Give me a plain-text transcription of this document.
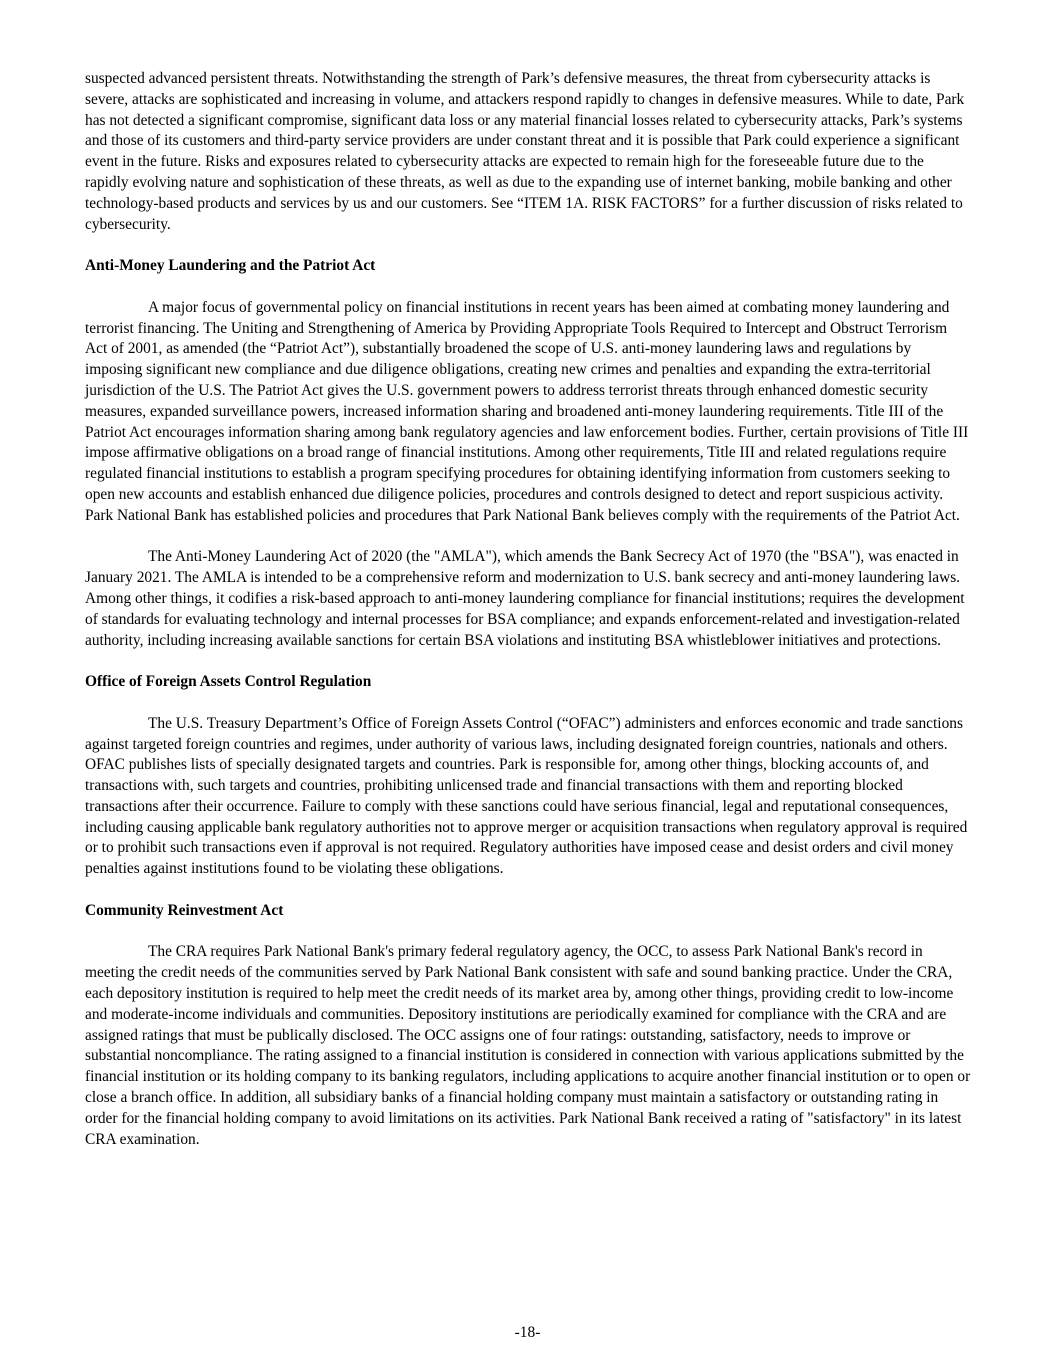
suspected advanced persistent threats. Notwithstanding the strength of Park’s defensive measures, the threat from cybersecurity attacks is severe, attacks are sophisticated and increasing in volume, and attackers respond rapidly to changes in defensive measures. While to date, Park has not detected a significant compromise, significant data loss or any material financial losses related to cybersecurity attacks, Park’s systems and those of its customers and third-party service providers are under constant threat and it is possible that Park could experience a significant event in the future. Risks and exposures related to cybersecurity attacks are expected to remain high for the foreseeable future due to the rapidly evolving nature and sophistication of these threats, as well as due to the expanding use of internet banking, mobile banking and other technology-based products and services by us and our customers. See “ITEM 1A. RISK FACTORS” for a further discussion of risks related to cybersecurity.

Anti-Money Laundering and the Patriot Act

A major focus of governmental policy on financial institutions in recent years has been aimed at combating money laundering and terrorist financing. The Uniting and Strengthening of America by Providing Appropriate Tools Required to Intercept and Obstruct Terrorism Act of 2001, as amended (the “Patriot Act”), substantially broadened the scope of U.S. anti-money laundering laws and regulations by imposing significant new compliance and due diligence obligations, creating new crimes and penalties and expanding the extra-territorial jurisdiction of the U.S. The Patriot Act gives the U.S. government powers to address terrorist threats through enhanced domestic security measures, expanded surveillance powers, increased information sharing and broadened anti-money laundering requirements. Title III of the Patriot Act encourages information sharing among bank regulatory agencies and law enforcement bodies. Further, certain provisions of Title III impose affirmative obligations on a broad range of financial institutions. Among other requirements, Title III and related regulations require regulated financial institutions to establish a program specifying procedures for obtaining identifying information from customers seeking to open new accounts and establish enhanced due diligence policies, procedures and controls designed to detect and report suspicious activity. Park National Bank has established policies and procedures that Park National Bank believes comply with the requirements of the Patriot Act.

The Anti-Money Laundering Act of 2020 (the "AMLA"), which amends the Bank Secrecy Act of 1970 (the "BSA"), was enacted in January 2021. The AMLA is intended to be a comprehensive reform and modernization to U.S. bank secrecy and anti-money laundering laws. Among other things, it codifies a risk-based approach to anti-money laundering compliance for financial institutions; requires the development of standards for evaluating technology and internal processes for BSA compliance; and expands enforcement-related and investigation-related authority, including increasing available sanctions for certain BSA violations and instituting BSA whistleblower initiatives and protections.

Office of Foreign Assets Control Regulation

The U.S. Treasury Department’s Office of Foreign Assets Control (“OFAC”) administers and enforces economic and trade sanctions against targeted foreign countries and regimes, under authority of various laws, including designated foreign countries, nationals and others. OFAC publishes lists of specially designated targets and countries. Park is responsible for, among other things, blocking accounts of, and transactions with, such targets and countries, prohibiting unlicensed trade and financial transactions with them and reporting blocked transactions after their occurrence. Failure to comply with these sanctions could have serious financial, legal and reputational consequences, including causing applicable bank regulatory authorities not to approve merger or acquisition transactions when regulatory approval is required or to prohibit such transactions even if approval is not required. Regulatory authorities have imposed cease and desist orders and civil money penalties against institutions found to be violating these obligations.

Community Reinvestment Act

The CRA requires Park National Bank's primary federal regulatory agency, the OCC, to assess Park National Bank's record in meeting the credit needs of the communities served by Park National Bank consistent with safe and sound banking practice. Under the CRA, each depository institution is required to help meet the credit needs of its market area by, among other things, providing credit to low-income and moderate-income individuals and communities. Depository institutions are periodically examined for compliance with the CRA and are assigned ratings that must be publically disclosed. The OCC assigns one of four ratings: outstanding, satisfactory, needs to improve or substantial noncompliance. The rating assigned to a financial institution is considered in connection with various applications submitted by the financial institution or its holding company to its banking regulators, including applications to acquire another financial institution or to open or close a branch office. In addition, all subsidiary banks of a financial holding company must maintain a satisfactory or outstanding rating in order for the financial holding company to avoid limitations on its activities. Park National Bank received a rating of "satisfactory" in its latest CRA examination.

-18-
